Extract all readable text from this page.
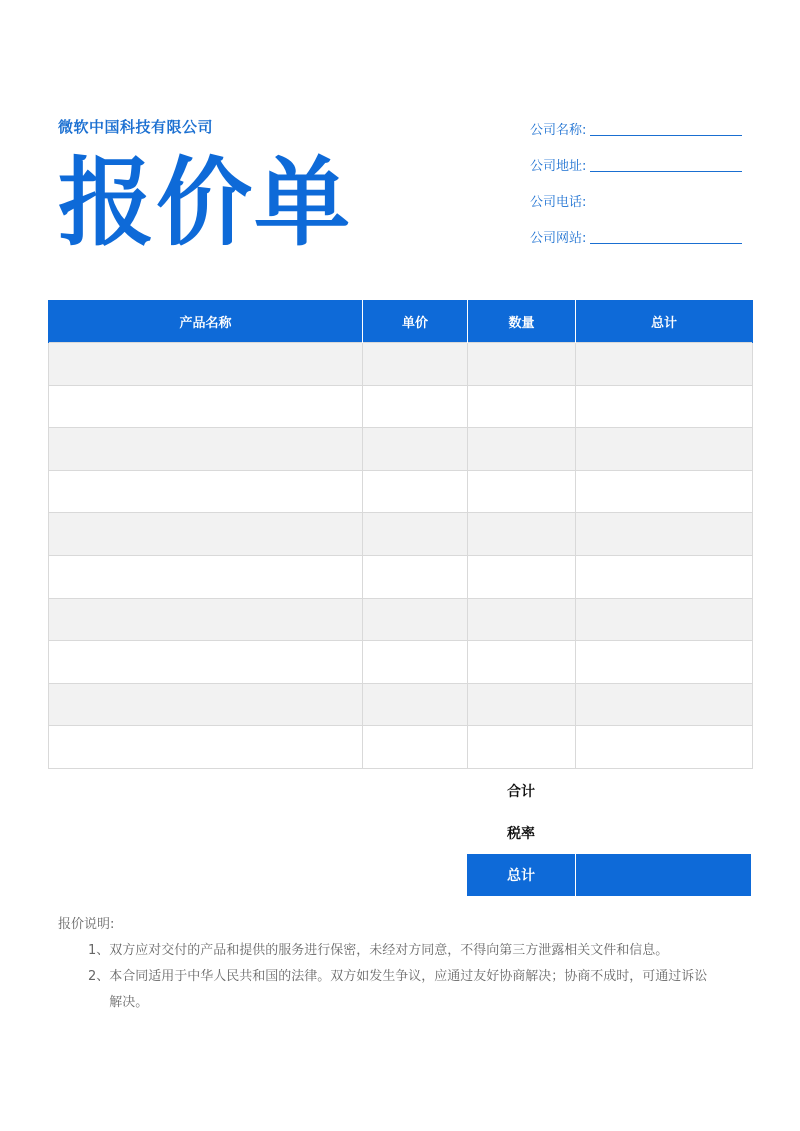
微软中国科技有限公司
报价单
公司名称:
公司地址:
公司电话:
公司网站:
产品名称	单价	数量	总计

合计
税率
总计
报价说明:
1、 双方应对交付的产品和提供的服务进行保密，未经对方同意，不得向第三方泄露相关文件和信息。
2、 本合同适用于中华人民共和国的法律。双方如发生争议，应通过友好协商解决；协商不成时，可通过诉讼解决。
